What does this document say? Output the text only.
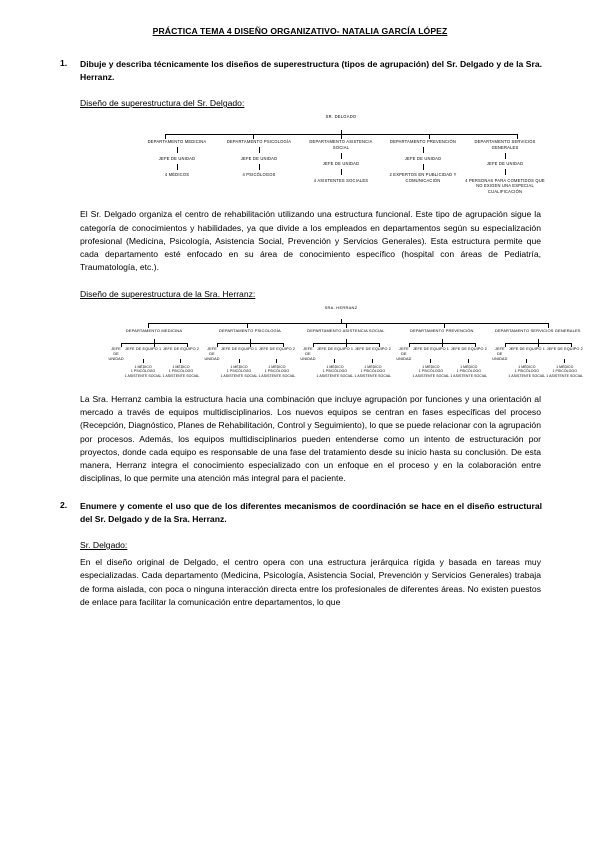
PRÁCTICA TEMA 4 DISEÑO ORGANIZATIVO- NATALIA GARCÍA LÓPEZ
1.	Dibuje y describa técnicamente los diseños de superestructura (tipos de agrupación) del Sr. Delgado y de la Sra. Herranz.
Diseño de superestructura del Sr. Delgado:
SR. DELGADO
DEPARTAMENTO MEDICINA
JEFE DE UNIDAD
4 MÉDICOS
DEPARTAMENTO PSICOLOGÍA
JEFE DE UNIDAD
4 PSICÓLOGOS
DEPARTAMENTO ASISTENCIA SOCIAL
JEFE DE UNIDAD
4 ASISTENTES SOCIALES
DEPARTAMENTO PREVENCIÓN
JEFE DE UNIDAD
2 EXPERTOS EN PUBLICIDAD Y COMUNICACIÓN
DEPARTAMENTO SERVICIOS GENERALES
JEFE DE UNIDAD
4 PERSONAS PARA COMETIDOS QUE NO EXIGEN UNA ESPECIAL CUALIFICACIÓN
El Sr. Delgado organiza el centro de rehabilitación utilizando una estructura funcional. Este tipo de agrupación sigue la categoría de conocimientos y habilidades, ya que divide a los empleados en departamentos según su especialización profesional (Medicina, Psicología, Asistencia Social, Prevención y Servicios Generales). Esta estructura permite que cada departamento esté enfocado en su área de conocimiento específico (hospital con áreas de Pediatría, Traumatología, etc.).
Diseño de superestructura de la Sra. Herranz:
SRA. HERRANZ
DEPARTAMENTO MEDICINA
JEFE DE UNIDAD
JEFE DE EQUIPO 1
1 MÉDICO
1 PSICÓLOGO
1 ASISTENTE SOCIAL
JEFE DE EQUIPO 2
1 MÉDICO
1 PSICÓLOGO
1 ASISTENTE SOCIAL
DEPARTAMENTO PSICOLOGÍA
JEFE DE UNIDAD
JEFE DE EQUIPO 1
1 MÉDICO
1 PSICÓLOGO
1 ASISTENTE SOCIAL
JEFE DE EQUIPO 2
1 MÉDICO
1 PSICÓLOGO
1 ASISTENTE SOCIAL
DEPARTAMENTO ASISTENCIA SOCIAL
JEFE DE UNIDAD
JEFE DE EQUIPO 1
1 MÉDICO
1 PSICÓLOGO
1 ASISTENTE SOCIAL
JEFE DE EQUIPO 2
1 MÉDICO
1 PSICÓLOGO
1 ASISTENTE SOCIAL
DEPARTAMENTO PREVENCIÓN
JEFE DE UNIDAD
JEFE DE EQUIPO 1
1 MÉDICO
1 PSICÓLOGO
1 ASISTENTE SOCIAL
JEFE DE EQUIPO 2
1 MÉDICO
1 PSICÓLOGO
1 ASISTENTE SOCIAL
DEPARTAMENTO SERVICIOS GENERALES
JEFE DE UNIDAD
JEFE DE EQUIPO 1
1 MÉDICO
1 PSICÓLOGO
1 ASISTENTE SOCIAL
JEFE DE EQUIPO 2
1 MÉDICO
1 PSICÓLOGO
1 ASISTENTE SOCIAL
La Sra. Herranz cambia la estructura hacia una combinación que incluye agrupación por funciones y una orientación al mercado a través de equipos multidisciplinarios. Los nuevos equipos se centran en fases específicas del proceso (Recepción, Diagnóstico, Planes de Rehabilitación, Control y Seguimiento), lo que se puede relacionar con la agrupación por procesos. Además, los equipos multidisciplinarios pueden entenderse como un intento de estructuración por proyectos, donde cada equipo es responsable de una fase del tratamiento desde su inicio hasta su conclusión. De esta manera, Herranz integra el conocimiento especializado con un enfoque en el proceso y en la colaboración entre disciplinas, lo que permite una atención más integral para el paciente.
2.	Enumere y comente el uso que de los diferentes mecanismos de coordinación se hace en el diseño estructural del Sr. Delgado y de la Sra. Herranz.
Sr. Delgado:
En el diseño original de Delgado, el centro opera con una estructura jerárquica rígida y basada en tareas muy especializadas. Cada departamento (Medicina, Psicología, Asistencia Social, Prevención y Servicios Generales) trabaja de forma aislada, con poca o ninguna interacción directa entre los profesionales de diferentes áreas. No existen puestos de enlace para facilitar la comunicación entre departamentos, lo que
